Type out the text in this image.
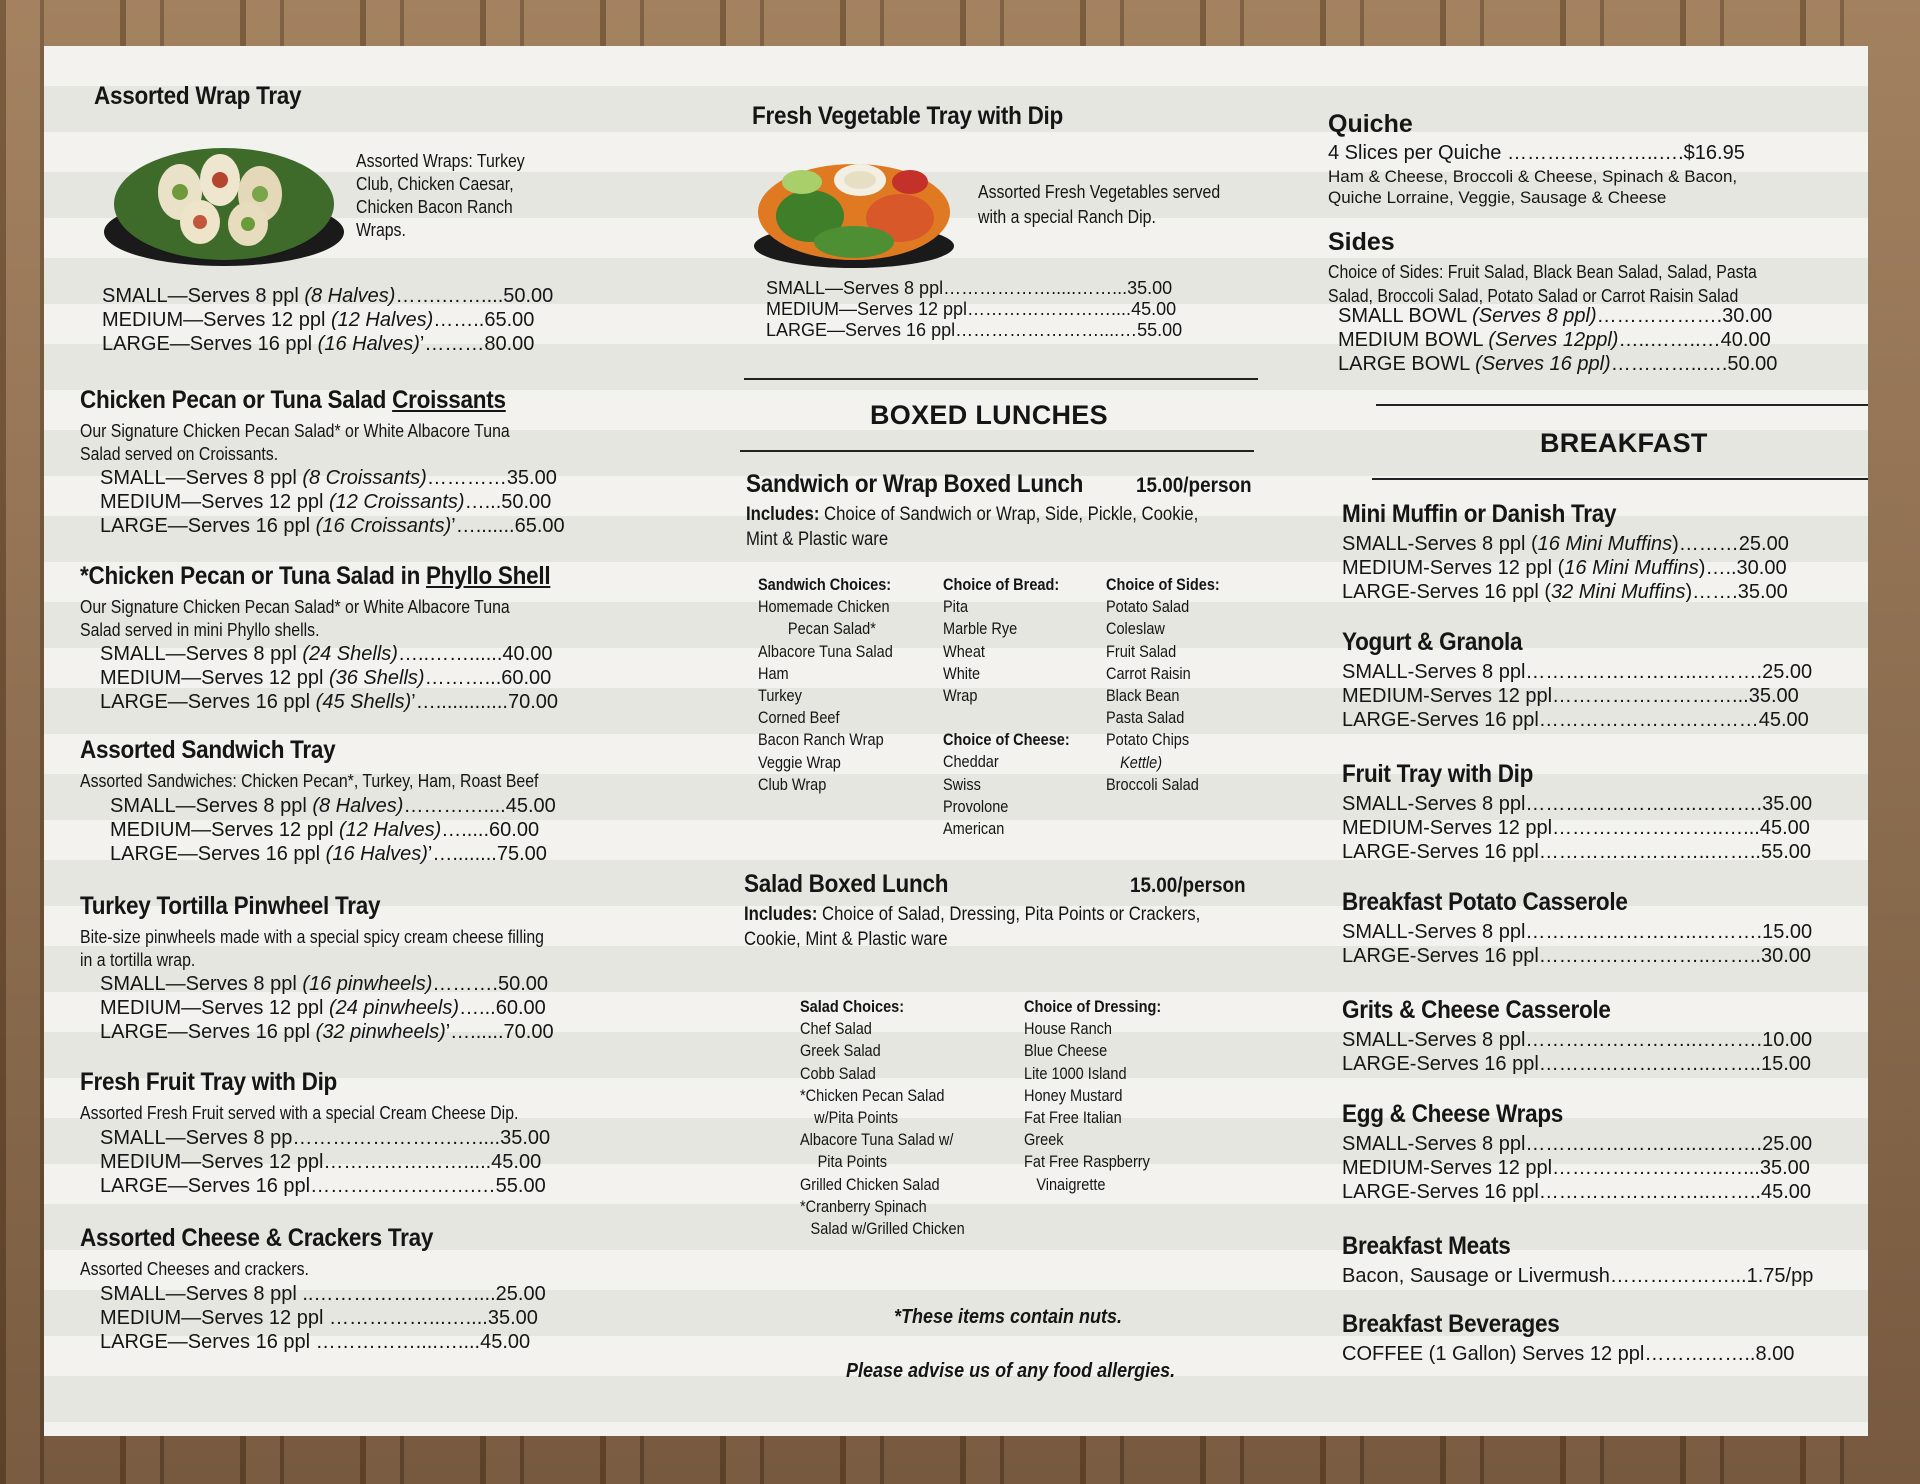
Assorted Wrap Tray
Assorted Wraps: Turkey
Club, Chicken Caesar,
Chicken Bacon Ranch
Wraps.
SMALL—Serves 8 ppl (8 Halves)…….……....50.00
MEDIUM—Serves 12 ppl (12 Halves)……..65.00
LARGE—Serves 16 ppl (16 Halves)’………80.00
Chicken Pecan or Tuna Salad Croissants
Our Signature Chicken Pecan Salad* or White Albacore Tuna
Salad served on Croissants.
SMALL—Serves 8 ppl (8 Croissants)…………35.00
MEDIUM—Serves 12 ppl (12 Croissants)…...50.00
LARGE—Serves 16 ppl (16 Croissants)’….......65.00
*Chicken Pecan or Tuna Salad in Phyllo Shell
Our Signature Chicken Pecan Salad* or White Albacore Tuna
Salad served in mini Phyllo shells.
SMALL—Serves 8 ppl (24 Shells)…..……......40.00
MEDIUM—Serves 12 ppl (36 Shells)………...60.00
LARGE—Serves 16 ppl (45 Shells)’….............70.00
Assorted Sandwich Tray
Assorted Sandwiches: Chicken Pecan*, Turkey, Ham, Roast Beef
SMALL—Serves 8 ppl (8 Halves)…………....45.00
MEDIUM—Serves 12 ppl (12 Halves)….....60.00
LARGE—Serves 16 ppl (16 Halves)’…........75.00
Turkey Tortilla Pinwheel Tray
Bite-size pinwheels made with a special spicy cream cheese filling
in a tortilla wrap.
SMALL—Serves 8 ppl (16 pinwheels)……….50.00
MEDIUM—Serves 12 ppl (24 pinwheels)…...60.00
LARGE—Serves 16 ppl (32 pinwheels)’…......70.00
Fresh Fruit Tray with Dip
Assorted Fresh Fruit served with a special Cream Cheese Dip.
SMALL—Serves 8 pp…………………….…....35.00
MEDIUM—Serves 12 ppl………………….....45.00
LARGE—Serves 16 ppl…………………….…55.00
Assorted Cheese & Crackers Tray
Assorted Cheeses and crackers.
SMALL—Serves 8 ppl ..……………………....25.00
MEDIUM—Serves 12 ppl ……………...…....35.00
LARGE—Serves 16 ppl ……………....…....45.00
Fresh Vegetable Tray with Dip
Assorted Fresh Vegetables served
with a special Ranch Dip.
SMALL—Serves 8 ppl……………….....……...35.00
MEDIUM—Serves 12 ppl……………………....45.00
LARGE—Serves 16 ppl……………………....…55.00
BOXED LUNCHES
Sandwich or Wrap Boxed Lunch	15.00/person
Includes: Choice of Sandwich or Wrap, Side, Pickle, Cookie,
Mint & Plastic ware
Sandwich Choices:
Homemade Chicken
Pecan Salad*
Albacore Tuna Salad
Ham
Turkey
Corned Beef
Bacon Ranch Wrap
Veggie Wrap
Club Wrap
Choice of Bread:
Pita
Marble Rye
Wheat
White
Wrap
Choice of Cheese:
Cheddar
Swiss
Provolone
American
Choice of Sides:
Potato Salad
Coleslaw
Fruit Salad
Carrot Raisin
Black Bean
Pasta Salad
Potato Chips
Kettle)
Broccoli Salad
Salad Boxed Lunch	15.00/person
Includes: Choice of Salad, Dressing, Pita Points or Crackers,
Cookie, Mint & Plastic ware
Salad Choices:
Chef Salad
Greek Salad
Cobb Salad
*Chicken Pecan Salad
w/Pita Points
Albacore Tuna Salad w/
Pita Points
Grilled Chicken Salad
*Cranberry Spinach
Salad w/Grilled Chicken
Choice of Dressing:
House Ranch
Blue Cheese
Lite 1000 Island
Honey Mustard
Fat Free Italian
Greek
Fat Free Raspberry
Vinaigrette
*These items contain nuts.
Please advise us of any food allergies.
Quiche
4 Slices per Quiche …………………..….$16.95
Ham & Cheese, Broccoli & Cheese, Spinach & Bacon,
Quiche Lorraine, Veggie, Sausage & Cheese
Sides
Choice of Sides: Fruit Salad, Black Bean Salad, Salad, Pasta
Salad, Broccoli Salad, Potato Salad or Carrot Raisin Salad
SMALL BOWL (Serves 8 ppl)……………….30.00
MEDIUM BOWL (Serves 12ppl)…..……..…40.00
LARGE BOWL (Serves 16 ppl)…………..….50.00
BREAKFAST
Mini Muffin or Danish Tray
SMALL-Serves 8 ppl (16 Mini Muffins)………25.00
MEDIUM-Serves 12 ppl (16 Mini Muffins)…..30.00
LARGE-Serves 16 ppl (32 Mini Muffins)…….35.00
Yogurt & Granola
SMALL-Serves 8 ppl……………………..……….25.00
MEDIUM-Serves 12 ppl………………………...35.00
LARGE-Serves 16 ppl……………………………45.00
Fruit Tray with Dip
SMALL-Serves 8 ppl……………………..……….35.00
MEDIUM-Serves 12 ppl……………………..…...45.00
LARGE-Serves 16 ppl……………………..……..55.00
Breakfast Potato Casserole
SMALL-Serves 8 ppl……………………..……….15.00
LARGE-Serves 16 ppl……………………..……..30.00
Grits & Cheese Casserole
SMALL-Serves 8 ppl……………………..……….10.00
LARGE-Serves 16 ppl……………………..……..15.00
Egg & Cheese Wraps
SMALL-Serves 8 ppl……………………..……….25.00
MEDIUM-Serves 12 ppl……………………..…...35.00
LARGE-Serves 16 ppl……………………..……..45.00
Breakfast Meats
Bacon, Sausage or Livermush………………...1.75/pp
Breakfast Beverages
COFFEE (1 Gallon) Serves 12 ppl……………..8.00
